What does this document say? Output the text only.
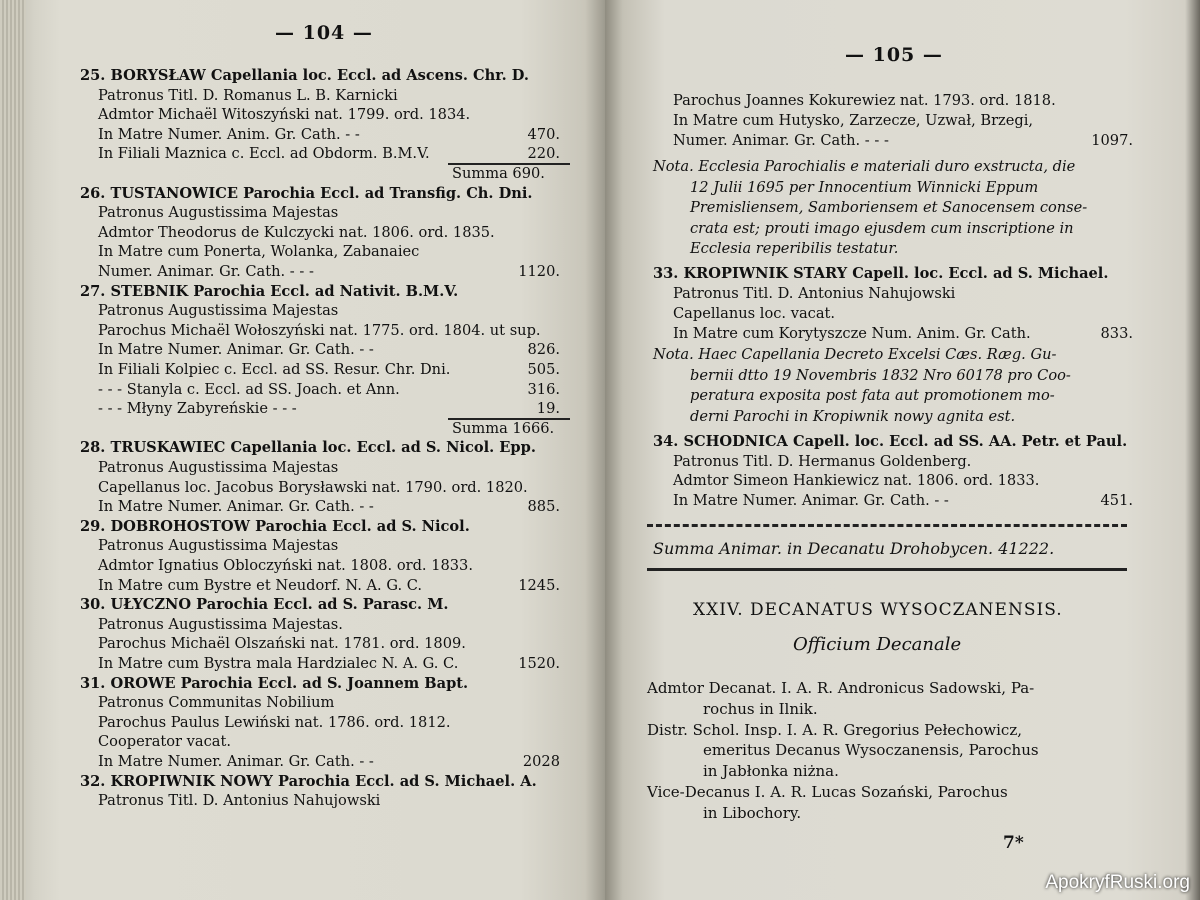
— 104 —
25. BORYSŁAW Capellania loc. Eccl. ad Ascens. Chr. D.
Patronus Titl. D. Romanus L. B. Karnicki
Admtor Michaël Witoszyński nat. 1799. ord. 1834.
In Matre Numer. Anim. Gr. Cath. - -	470.
In Filiali Maznica c. Eccl. ad Obdorm. B.M.V.	220.
Summa 690.
26. TUSTANOWICE Parochia Eccl. ad Transfig. Ch. Dni.
Patronus Augustissima Majestas
Admtor Theodorus de Kulczycki nat. 1806. ord. 1835.
In Matre cum Ponerta, Wolanka, Zabanaiec
Numer. Animar. Gr. Cath. - - -	1120.
27. STEBNIK Parochia Eccl. ad Nativit. B.M.V.
Patronus Augustissima Majestas
Parochus Michaël Wołoszyński nat. 1775. ord. 1804. ut sup.
In Matre Numer. Animar. Gr. Cath. - -	826.
In Filiali Kolpiec c. Eccl. ad SS. Resur. Chr. Dni.	505.
- - - Stanyla c. Eccl. ad SS. Joach. et Ann.	316.
- - - Młyny Zabyreńskie - - -	19.
Summa 1666.
28. TRUSKAWIEC Capellania loc. Eccl. ad S. Nicol. Epp.
Patronus Augustissima Majestas
Capellanus loc. Jacobus Borysławski nat. 1790. ord. 1820.
In Matre Numer. Animar. Gr. Cath. - -	885.
29. DOBROHOSTOW Parochia Eccl. ad S. Nicol.
Patronus Augustissima Majestas
Admtor Ignatius Obloczyński nat. 1808. ord. 1833.
In Matre cum Bystre et Neudorf. N. A. G. C.	1245.
30. UŁYCZNO Parochia Eccl. ad S. Parasc. M.
Patronus Augustissima Majestas.
Parochus Michaël Olszański nat. 1781. ord. 1809.
In Matre cum Bystra mala Hardzialec N. A. G. C.	1520.
31. OROWE Parochia Eccl. ad S. Joannem Bapt.
Patronus Communitas Nobilium
Parochus Paulus Lewiński nat. 1786. ord. 1812.
Cooperator vacat.
In Matre Numer. Animar. Gr. Cath. - -	2028
32. KROPIWNIK NOWY Parochia Eccl. ad S. Michael. A.
Patronus Titl. D. Antonius Nahujowski
— 105 —
Parochus Joannes Kokurewiez nat. 1793. ord. 1818.
In Matre cum Hutysko, Zarzecze, Uzwał, Brzegi,
Numer. Animar. Gr. Cath. - - -	1097.
Nota. Ecclesia Parochialis e materiali duro exstructa, die
12 Julii 1695 per Innocentium Winnicki Eppum
Premisliensem, Samboriensem et Sanocensem conse-
crata est; prouti imago ejusdem cum inscriptione in
Ecclesia reperibilis testatur.
33. KROPIWNIK STARY Capell. loc. Eccl. ad S. Michael.
Patronus Titl. D. Antonius Nahujowski
Capellanus loc. vacat.
In Matre cum Korytyszcze Num. Anim. Gr. Cath.	833.
Nota. Haec Capellania Decreto Excelsi Cæs. Ræg. Gu-
bernii dtto 19 Novembris 1832 Nro 60178 pro Coo-
peratura exposita post fata aut promotionem mo-
derni Parochi in Kropiwnik nowy agnita est.
34. SCHODNICA Capell. loc. Eccl. ad SS. AA. Petr. et Paul.
Patronus Titl. D. Hermanus Goldenberg.
Admtor Simeon Hankiewicz nat. 1806. ord. 1833.
In Matre Numer. Animar. Gr. Cath. - -	451.
Summa Animar. in Decanatu Drohobycen. 41222.
XXIV. DECANATUS WYSOCZANENSIS.
Officium Decanale
Admtor Decanat. I. A. R. Andronicus Sadowski, Pa-
rochus in Ilnik.
Distr. Schol. Insp. I. A. R. Gregorius Pełechowicz,
emeritus Decanus Wysoczanensis, Parochus
in Jabłonka niżna.
Vice-Decanus I. A. R. Lucas Sozański, Parochus
in Libochory.
7*
ApokryfRuski.org
